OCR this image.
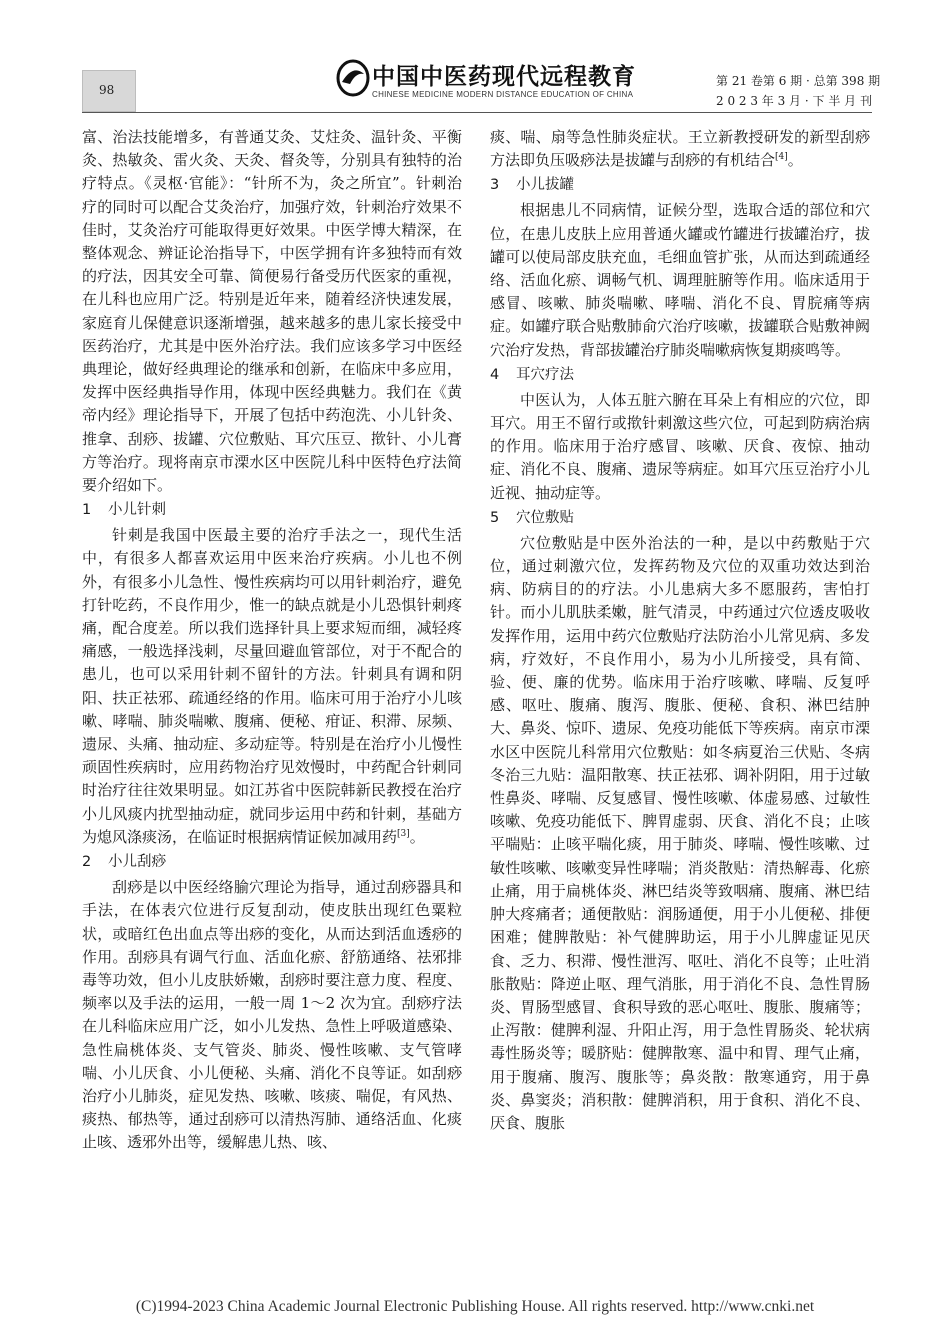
98	中国中医药现代远程教育
CHINESE MEDICINE MODERN DISTANCE EDUCATION OF CHINA
第 21 卷第 6 期 · 总第 398 期
2 0 2 3 年 3 月 · 下 半 月 刊

富、治法技能增多，有普通艾灸、艾炷灸、温针灸、平衡灸、热敏灸、雷火灸、天灸、督灸等，分别具有独特的治疗特点。《灵枢·官能》：“针所不为，灸之所宜”。针刺治疗的同时可以配合艾灸治疗，加强疗效，针刺治疗效果不佳时，艾灸治疗可能取得更好效果。中医学博大精深，在整体观念、辨证论治指导下，中医学拥有许多独特而有效的疗法，因其安全可靠、简便易行备受历代医家的重视，在儿科也应用广泛。特别是近年来，随着经济快速发展，家庭育儿保健意识逐渐增强，越来越多的患儿家长接受中医药治疗，尤其是中医外治疗法。我们应该多学习中医经典理论，做好经典理论的继承和创新，在临床中多应用，发挥中医经典指导作用，体现中医经典魅力。我们在《黄帝内经》理论指导下，开展了包括中药泡洗、小儿针灸、推拿、刮痧、拔罐、穴位敷贴、耳穴压豆、揿针、小儿膏方等治疗。现将南京市溧水区中医院儿科中医特色疗法简要介绍如下。

1 小儿针刺

针刺是我国中医最主要的治疗手法之一，现代生活中，有很多人都喜欢运用中医来治疗疾病。小儿也不例外，有很多小儿急性、慢性疾病均可以用针刺治疗，避免打针吃药，不良作用少，惟一的缺点就是小儿恐惧针刺疼痛，配合度差。所以我们选择针具上要求短而细，减轻疼痛感，一般选择浅刺，尽量回避血管部位，对于不配合的患儿，也可以采用针刺不留针的方法。针刺具有调和阴阳、扶正祛邪、疏通经络的作用。临床可用于治疗小儿咳嗽、哮喘、肺炎喘嗽、腹痛、便秘、疳证、积滞、尿频、遗尿、头痛、抽动症、多动症等。特别是在治疗小儿慢性顽固性疾病时，应用药物治疗见效慢时，中药配合针刺同时治疗往往效果明显。如江苏省中医院韩新民教授在治疗小儿风痰内扰型抽动症，就同步运用中药和针刺，基础方为熄风涤痰汤，在临证时根据病情证候加减用药[3]。

2 小儿刮痧

刮痧是以中医经络腧穴理论为指导，通过刮痧器具和手法，在体表穴位进行反复刮动，使皮肤出现红色粟粒状，或暗红色出血点等出痧的变化，从而达到活血透痧的作用。刮痧具有调气行血、活血化瘀、舒筋通络、祛邪排毒等功效，但小儿皮肤娇嫩，刮痧时要注意力度、程度、频率以及手法的运用，一般一周 1～2 次为宜。刮痧疗法在儿科临床应用广泛，如小儿发热、急性上呼吸道感染、急性扁桃体炎、支气管炎、肺炎、慢性咳嗽、支气管哮喘、小儿厌食、小儿便秘、头痛、消化不良等证。如刮痧治疗小儿肺炎，症见发热、咳嗽、咳痰、喘促，有风热、痰热、郁热等，通过刮痧可以清热泻肺、通络活血、化痰止咳、透邪外出等，缓解患儿热、咳、

痰、喘、扇等急性肺炎症状。王立新教授研发的新型刮痧方法即负压吸痧法是拔罐与刮痧的有机结合[4]。

3 小儿拔罐

根据患儿不同病情，证候分型，选取合适的部位和穴位，在患儿皮肤上应用普通火罐或竹罐进行拔罐治疗，拔罐可以使局部皮肤充血，毛细血管扩张，从而达到疏通经络、活血化瘀、调畅气机、调理脏腑等作用。临床适用于感冒、咳嗽、肺炎喘嗽、哮喘、消化不良、胃脘痛等病症。如罐疗联合贴敷肺俞穴治疗咳嗽，拔罐联合贴敷神阙穴治疗发热，背部拔罐治疗肺炎喘嗽病恢复期痰鸣等。

4 耳穴疗法

中医认为，人体五脏六腑在耳朵上有相应的穴位，即耳穴。用王不留行或揿针刺激这些穴位，可起到防病治病的作用。临床用于治疗感冒、咳嗽、厌食、夜惊、抽动症、消化不良、腹痛、遗尿等病症。如耳穴压豆治疗小儿近视、抽动症等。

5 穴位敷贴

穴位敷贴是中医外治法的一种，是以中药敷贴于穴位，通过刺激穴位，发挥药物及穴位的双重功效达到治病、防病目的的疗法。小儿患病大多不愿服药，害怕打针。而小儿肌肤柔嫩，脏气清灵，中药通过穴位透皮吸收发挥作用，运用中药穴位敷贴疗法防治小儿常见病、多发病，疗效好，不良作用小，易为小儿所接受，具有简、验、便、廉的优势。临床用于治疗咳嗽、哮喘、反复呼感、呕吐、腹痛、腹泻、腹胀、便秘、食积、淋巴结肿大、鼻炎、惊吓、遗尿、免疫功能低下等疾病。南京市溧水区中医院儿科常用穴位敷贴：如冬病夏治三伏贴、冬病冬治三九贴：温阳散寒、扶正祛邪、调补阴阳，用于过敏性鼻炎、哮喘、反复感冒、慢性咳嗽、体虚易感、过敏性咳嗽、免疫功能低下、脾胃虚弱、厌食、消化不良；止咳平喘贴：止咳平喘化痰，用于肺炎、哮喘、慢性咳嗽、过敏性咳嗽、咳嗽变异性哮喘；消炎散贴：清热解毒、化瘀止痛，用于扁桃体炎、淋巴结炎等致咽痛、腹痛、淋巴结肿大疼痛者；通便散贴：润肠通便，用于小儿便秘、排便困难；健脾散贴：补气健脾助运，用于小儿脾虚证见厌食、乏力、积滞、慢性泄泻、呕吐、消化不良等；止吐消胀散贴：降逆止呕、理气消胀，用于消化不良、急性胃肠炎、胃肠型感冒、食积导致的恶心呕吐、腹胀、腹痛等；止泻散：健脾利湿、升阳止泻，用于急性胃肠炎、轮状病毒性肠炎等；暖脐贴：健脾散寒、温中和胃、理气止痛，用于腹痛、腹泻、腹胀等；鼻炎散：散寒通窍，用于鼻炎、鼻窦炎；消积散：健脾消积，用于食积、消化不良、厌食、腹胀

(C)1994-2023 China Academic Journal Electronic Publishing House. All rights reserved. http://www.cnki.net
